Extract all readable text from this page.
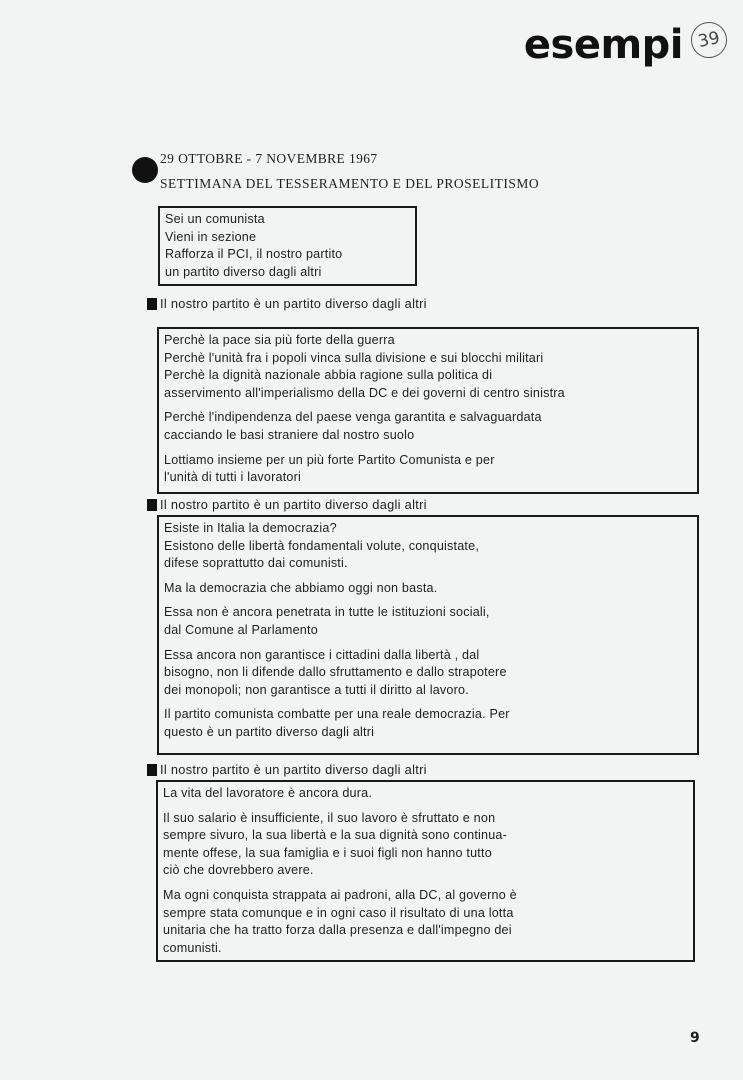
esempi 39
29 OTTOBRE - 7 NOVEMBRE 1967
SETTIMANA DEL TESSERAMENTO E DEL PROSELITISMO
Sei un comunista
Vieni in sezione
Rafforza il PCI, il nostro partito
un partito diverso dagli altri
Il nostro partito è un partito diverso dagli altri

Perchè la pace sia più forte della guerra
Perchè l'unità fra i popoli vinca sulla divisione e sui blocchi militari
Perchè la dignità nazionale abbia ragione sulla politica di
asservimento all'imperialismo della DC e dei governi di centro sinistra

Perchè l'indipendenza del paese venga garantita e salvaguardata
cacciando le basi straniere dal nostro suolo

Lottiamo insieme per un più forte Partito Comunista e per
l'unità di tutti i lavoratori

Il nostro partito è un partito diverso dagli altri

Esiste in Italia la democrazia?
Esistono delle libertà fondamentali volute, conquistate,
difese soprattutto dai comunisti.

Ma la democrazia che abbiamo oggi non basta.

Essa non è ancora penetrata in tutte le istituzioni sociali,
dal Comune al Parlamento

Essa ancora non garantisce i cittadini dalla libertà , dal
bisogno, non li difende dallo sfruttamento e dallo strapotere
dei monopoli; non garantisce a tutti il diritto al lavoro.

Il partito comunista combatte per una reale democrazia. Per
questo è un partito diverso dagli altri

Il nostro partito è un partito diverso dagli altri

La vita del lavoratore è ancora dura.

Il suo salario è insufficiente, il suo lavoro è sfruttato e non
sempre sivuro, la sua libertà e la sua dignità sono continua-
mente offese, la sua famiglia e i suoi figli non hanno tutto
ciò che dovrebbero avere.

Ma ogni conquista strappata ai padroni, alla DC, al governo è
sempre stata comunque e in ogni caso il risultato di una lotta
unitaria che ha tratto forza dalla presenza e dall'impegno dei
comunisti.

9
